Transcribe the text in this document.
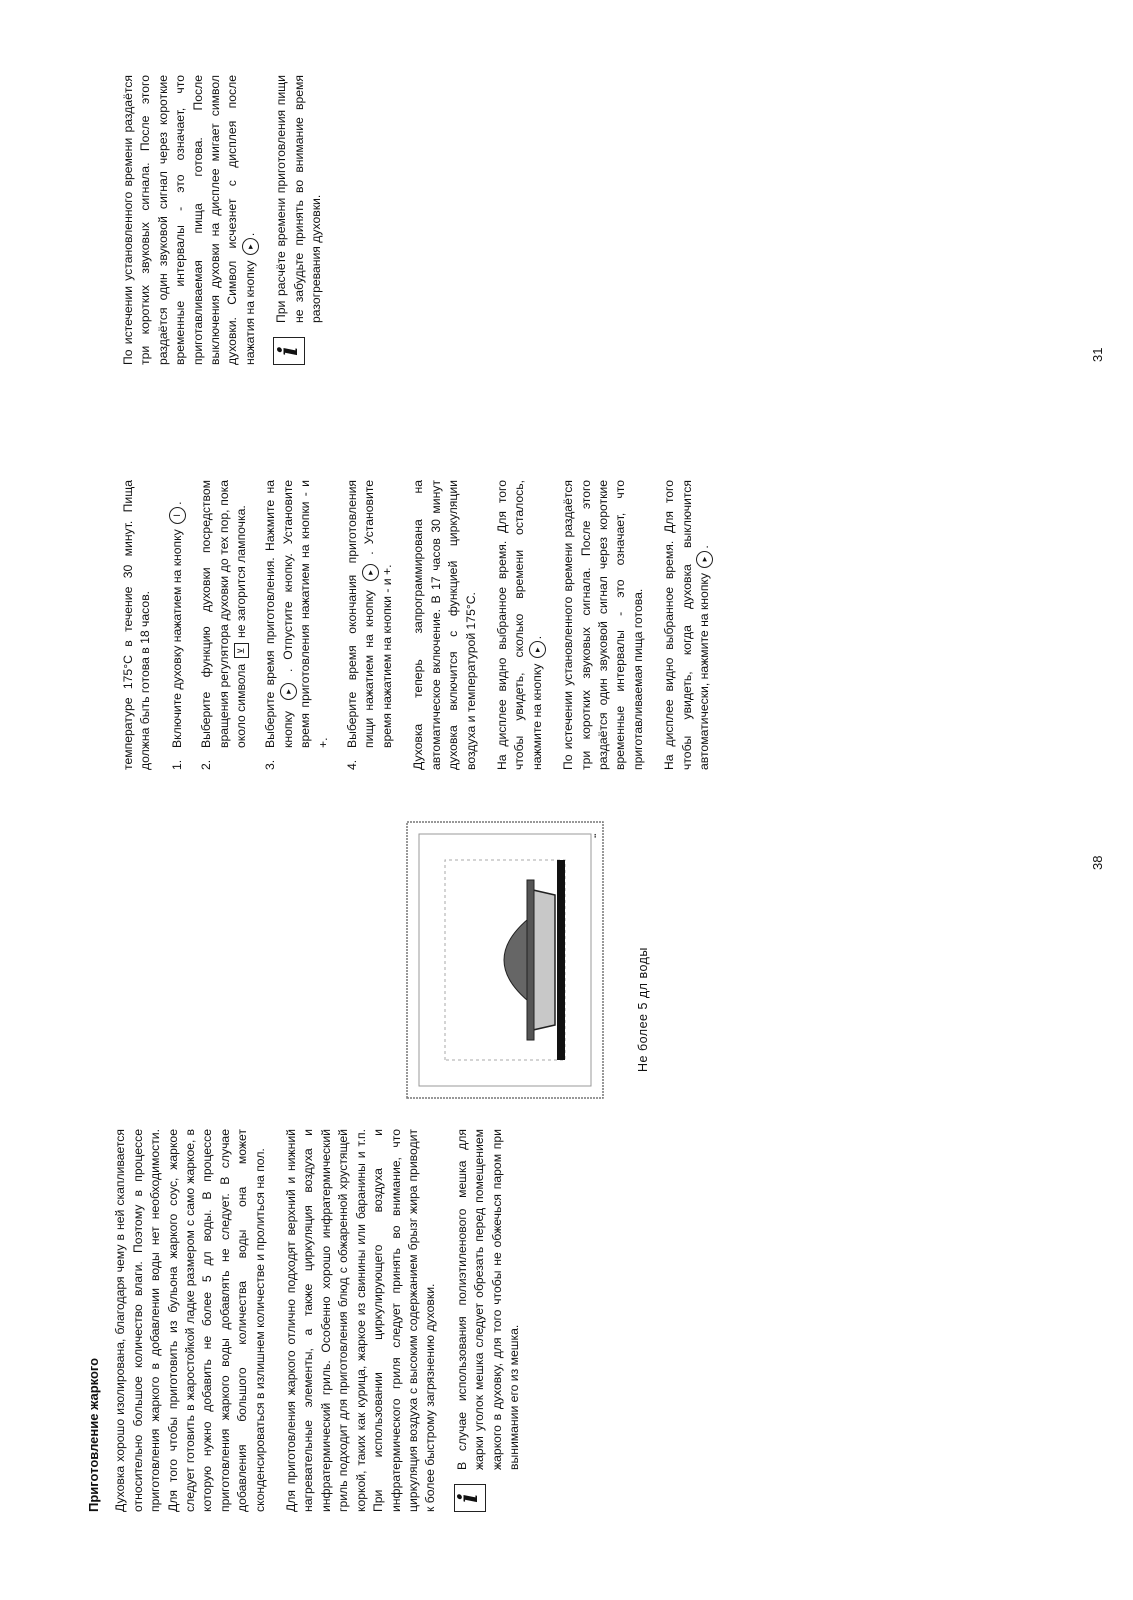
Приготовление жаркого Духовка хорошо изолирована, благодаря чему в ней скапливается относительно большое количество влаги. Поэтому в процессе приготовления жаркого в добавлении воды нет необходимости. Для того чтобы приготовить из бульона жаркого соус, жаркое следует готовить в жаростойкой ладке размером с само жаркое, в которую нужно добавить не более 5 дл воды. В процессе приготовления жаркого воды добавлять не следует. В случае добавления большого количества воды она может сконденсироваться в излишнем количестве и пролиться на пол. Для приготовления жаркого отлично подходят верхний и нижний нагревательные элементы, а также циркуляция воздуха и инфратермический гриль. Особенно хорошо инфратермический гриль подходит для приготовления блюд с обжаренной хрустящей коркой, таких как курица, жаркое из свинины или баранины и т.п. При использовании циркулирующего воздуха и инфратермического гриля следует принять во внимание, что циркуляция воздуха с высоким содержанием брызг жира приводит к более быстрому загрязнению духовки. i
В случае использования полиэтиленового мешка для жарки уголок мешка следует обрезать перед помещением жаркого в духовку, для того чтобы не обжечься паром при вынимании его из мешка.
▪▪
Не более 5 дл воды
38

температуре 175°C в течение 30 минут. Пища должна быть готова в 18 часов. 1.
Включите духовку нажатием на кнопку I.
2.
Выберите функцию духовки посредством вращения регулятора духовки до тех пор, пока около символа ⊻ не загорится лампочка.
3.
Выберите время приготовления. Нажмите на кнопку ▸ . Отпустите кнопку. Установите время приготовления нажатием на кнопки - и +.
4.
Выберите время окончания приготовления пищи нажатием на кнопку ▸ . Установите время нажатием на кнопки - и +. Духовка теперь запрограммирована на автоматическое включение. В 17 часов 30 минут духовка включится с функцией циркуляции воздуха и температурой 175°C. На дисплее видно выбранное время. Для того чтобы увидеть, сколько времени осталось, нажмите на кнопку ▸. По истечении установленного времени раздаётся три коротких звуковых сигнала. После этого раздаётся один звуковой сигнал через короткие временные интервалы - это означает, что приготавливаемая пища готова. На дисплее видно выбранное время. Для того чтобы увидеть, когда духовка выключится автоматически, нажмите на кнопку ▸.

По истечении установленного времени раздаётся три коротких звуковых сигнала. После этого раздаётся один звуковой сигнал через короткие временные интервалы - это означает, что приготавливаемая пища готова. После выключения духовки на дисплее мигает символ духовки. Символ исчезнет с дисплея после нажатия на кнопку ▸.

i
При расчёте времени приготовления пищи не забудьте принять во внимание время разогревания духовки.
31
